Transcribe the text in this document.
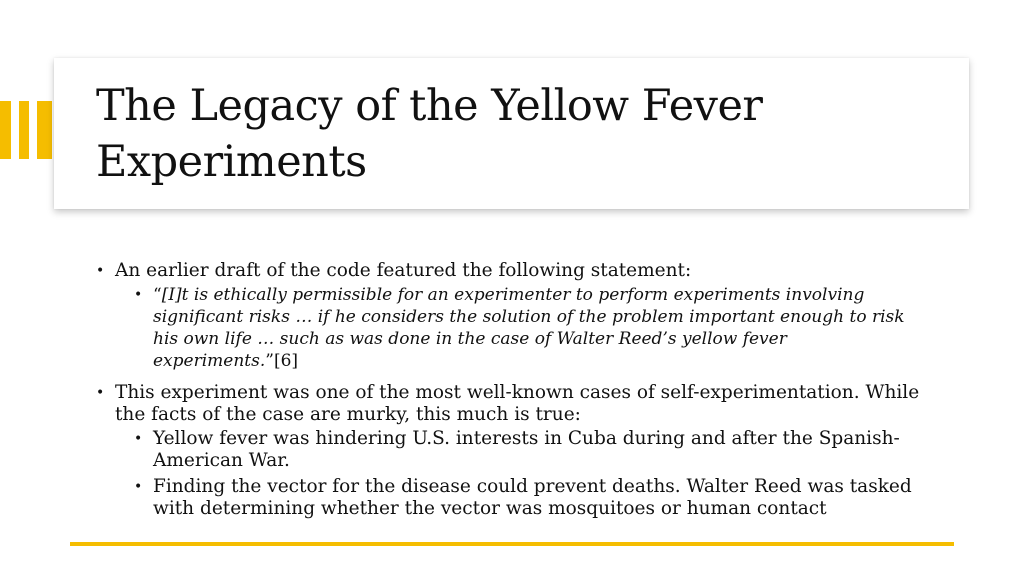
The Legacy of the Yellow Fever Experiments
• An earlier draft of the code featured the following statement:
• “[I]t is ethically permissible for an experimenter to perform experiments involving significant risks … if he considers the solution of the problem important enough to risk his own life … such as was done in the case of Walter Reed’s yellow fever experiments.”[6]
• This experiment was one of the most well-known cases of self-experimentation. While the facts of the case are murky, this much is true:
• Yellow fever was hindering U.S. interests in Cuba during and after the Spanish-American War.
• Finding the vector for the disease could prevent deaths. Walter Reed was tasked with determining whether the vector was mosquitoes or human contact
